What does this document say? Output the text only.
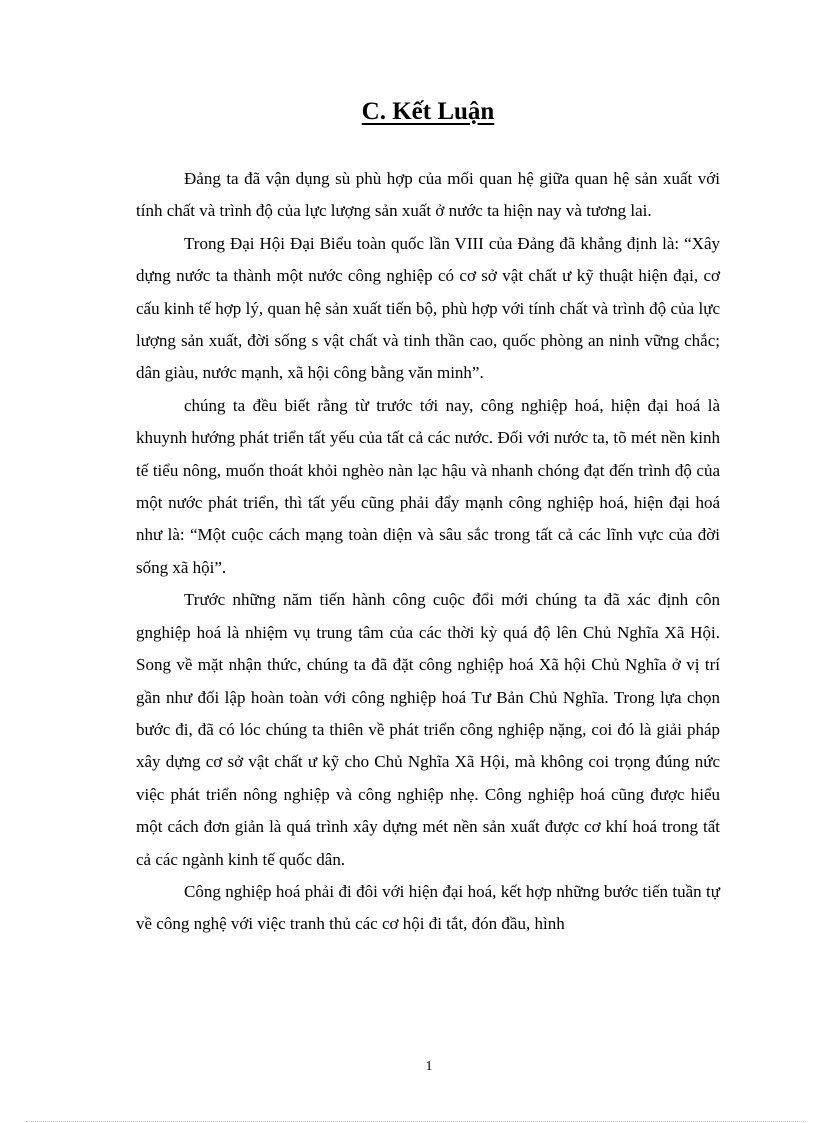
C. Kết Luận

Đảng ta đã vận dụng sù phù hợp của mối quan hệ giữa quan hệ sản xuất với tính chất và trình độ của lực lượng sản xuất ở nước ta hiện nay và tương lai.

Trong Đại Hội Đại Biểu toàn quốc lần VIII của Đảng đã khẳng định là: “Xây dựng nước ta thành một nước công nghiệp có cơ sở vật chất ư kỹ thuật hiện đại, cơ cấu kinh tế hợp lý, quan hệ sản xuất tiến bộ, phù hợp với tính chất và trình độ của lực lượng sản xuất, đời sống s vật chất và tinh thần cao, quốc phòng an ninh vững chắc; dân giàu, nước mạnh, xã hội công bằng văn minh”.

chúng ta đều biết rằng từ trước tới nay, công nghiệp hoá, hiện đại hoá là khuynh hướng phát triển tất yếu của tất cả các nước. Đối với nước ta, tõ mét nền kinh tế tiểu nông, muốn thoát khỏi nghèo nàn lạc hậu và nhanh chóng đạt đến trình độ của một nước phát triển, thì tất yếu cũng phải đẩy mạnh công nghiệp hoá, hiện đại hoá như là: “Một cuộc cách mạng toàn diện và sâu sắc trong tất cả các lĩnh vực của đời sống xã hội”.

Trước những năm tiến hành công cuộc đổi mới chúng ta đã xác định côn gnghiệp hoá là nhiệm vụ trung tâm của các thời kỳ quá độ lên Chủ Nghĩa Xã Hội. Song về mặt nhận thức, chúng ta đã đặt công nghiệp hoá Xã hội Chủ Nghĩa ở vị trí gần như đối lập hoàn toàn với công nghiệp hoá Tư Bản Chủ Nghĩa. Trong lựa chọn bước đi, đã có lóc chúng ta thiên về phát triển công nghiệp nặng, coi đó là giải pháp xây dựng cơ sở vật chất ư kỹ cho Chủ Nghĩa Xã Hội, mà không coi trọng đúng nức việc phát triển nông nghiệp và công nghiệp nhẹ. Công nghiệp hoá cũng được hiểu một cách đơn giản là quá trình xây dựng mét nền sản xuất được cơ khí hoá trong tất cả các ngành kinh tế quốc dân.

Công nghiệp hoá phải đi đôi với hiện đại hoá, kết hợp những bước tiến tuần tự về công nghệ với việc tranh thủ các cơ hội đi tắt, đón đầu, hình

1
